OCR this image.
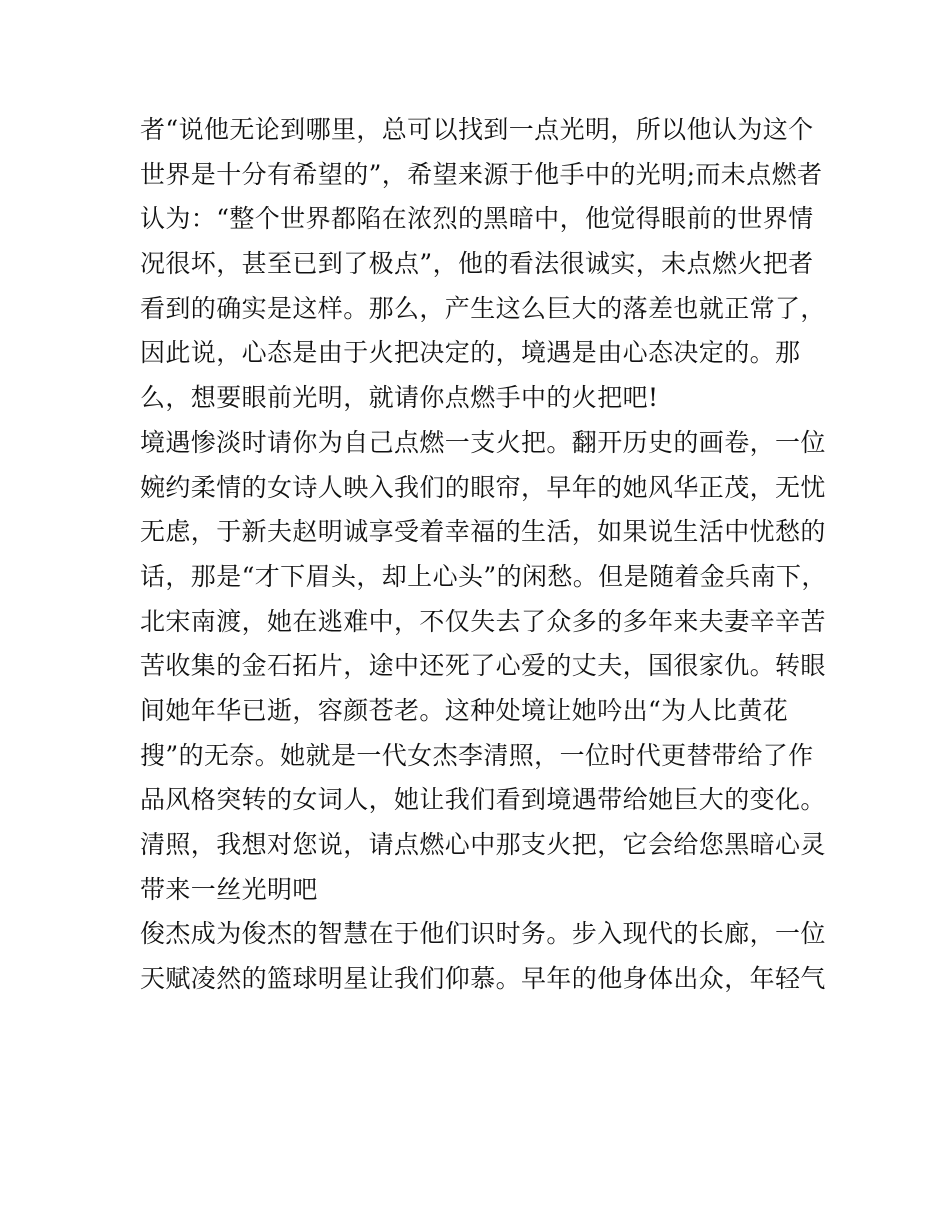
者“说他无论到哪里，总可以找到一点光明，所以他认为这个
世界是十分有希望的”，希望来源于他手中的光明;而未点燃者
认为：“整个世界都陷在浓烈的黑暗中，他觉得眼前的世界情
况很坏，甚至已到了极点”，他的看法很诚实，未点燃火把者
看到的确实是这样。那么，产生这么巨大的落差也就正常了，
因此说，心态是由于火把决定的，境遇是由心态决定的。那
么，想要眼前光明，就请你点燃手中的火把吧!
境遇惨淡时请你为自己点燃一支火把。翻开历史的画卷，一位
婉约柔情的女诗人映入我们的眼帘，早年的她风华正茂，无忧
无虑，于新夫赵明诚享受着幸福的生活，如果说生活中忧愁的
话，那是“才下眉头，却上心头”的闲愁。但是随着金兵南下，
北宋南渡，她在逃难中，不仅失去了众多的多年来夫妻辛辛苦
苦收集的金石拓片，途中还死了心爱的丈夫，国很家仇。转眼
间她年华已逝，容颜苍老。这种处境让她吟出“为人比黄花
搜”的无奈。她就是一代女杰李清照，一位时代更替带给了作
品风格突转的女词人，她让我们看到境遇带给她巨大的变化。
清照，我想对您说，请点燃心中那支火把，它会给您黑暗心灵
带来一丝光明吧
俊杰成为俊杰的智慧在于他们识时务。步入现代的长廊，一位
天赋凌然的篮球明星让我们仰慕。早年的他身体出众，年轻气
